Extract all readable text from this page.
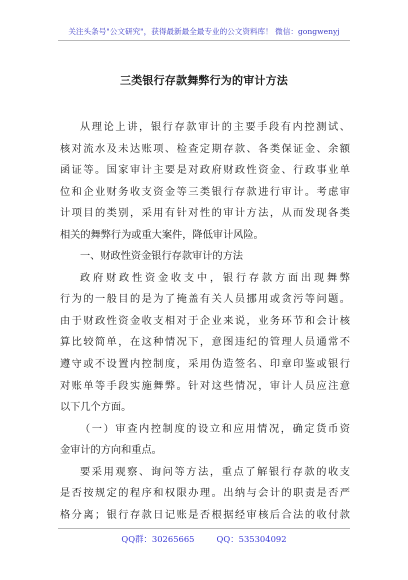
关注头条号"公文研究"，获得最新最全最专业的公文资料库！ 微信：gongwenyj
三类银行存款舞弊行为的审计方法
从理论上讲，银行存款审计的主要手段有内控测试、
核对流水及未达账项、检查定期存款、各类保证金、余额
函证等。国家审计主要是对政府财政性资金、行政事业单
位和企业财务收支资金等三类银行存款进行审计。考虑审
计项目的类别，采用有针对性的审计方法，从而发现各类
相关的舞弊行为或重大案件，降低审计风险。
一、财政性资金银行存款审计的方法
政府财政性资金收支中，银行存款方面出现舞弊
行为的一般目的是为了掩盖有关人员挪用或贪污等问题。
由于财政性资金收支相对于企业来说，业务环节和会计核
算比较简单，在这种情况下，意图违纪的管理人员通常不
遵守或不设置内控制度，采用伪造签名、印章印鉴或银行
对账单等手段实施舞弊。针对这些情况，审计人员应注意
以下几个方面。
（一）审查内控制度的设立和应用情况，确定货币资
金审计的方向和重点。
要采用观察、询问等方法，重点了解银行存款的收支
是否按规定的程序和权限办理。出纳与会计的职责是否严
格分离；银行存款日记账是否根据经审核后合法的收付款
QQ群：30265665	QQ：535304092
